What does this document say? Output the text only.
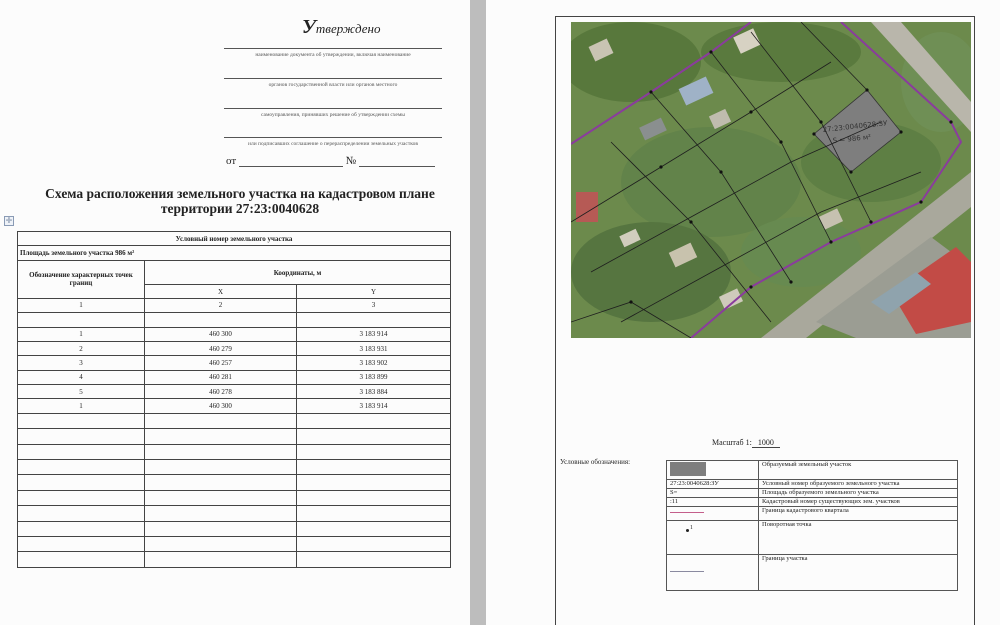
Утверждено
наименование документа об утверждении, включая наименование
органов государственной власти или органов местного
самоуправления, принявших решение об утверждении схемы
или подписавших соглашение о перераспределении земельных участков
от	№
Схема расположения земельного участка на кадастровом плане
территории 27:23:0040628
✛
Условный номер земельного участка		
Площадь земельного участка 986 м²		
Обозначение характерных точек границ	Координаты, м	
	X	Y
1	2	3

1	460 300	3 183 914
2	460 279	3 183 931
3	460 257	3 183 902
4	460 281	3 183 899
5	460 278	3 183 884
1	460 300	3 183 914

27:23:0040628:ЗУ
S = 986 м²
Масштаб 1: 1000
Условные обозначения:
		Образуемый земельный участок
27:23:0040628:ЗУ	Условный номер образуемого земельного участка
S=	Площадь образуемого земельного участка
:11	Кадастровый номер существующих зем. участков
	Граница кадастрового квартала
$^1$	Поворотная точка
	Граница участка
